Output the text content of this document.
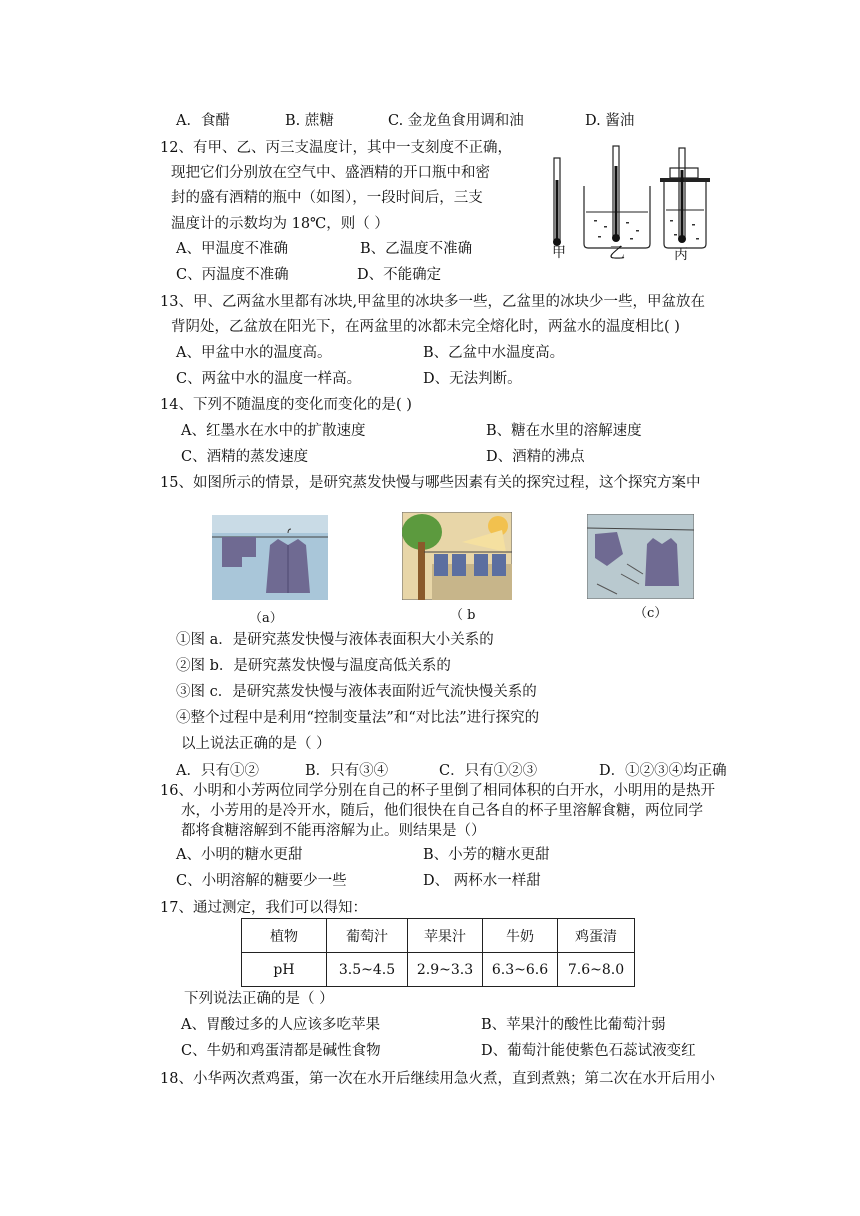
A．食醋	B. 蔗糖	C. 金龙鱼食用调和油	D. 酱油
12、有甲、乙、丙三支温度计，其中一支刻度不正确，
现把它们分别放在空气中、盛酒精的开口瓶中和密
封的盛有酒精的瓶中（如图），一段时间后，三支
温度计的示数均为 18℃，则（ ）
A、甲温度不准确	B、乙温度不准确
C、丙温度不准确	D、不能确定
甲	乙	丙
13、甲、乙两盆水里都有冰块,甲盆里的冰块多一些，乙盆里的冰块少一些，甲盆放在
背阴处，乙盆放在阳光下，在两盆里的冰都未完全熔化时，两盆水的温度相比( )
A、甲盆中水的温度高。	B、乙盆中水温度高。
C、两盆中水的温度一样高。	D、无法判断。
14、下列不随温度的变化而变化的是( )
A、红墨水在水中的扩散速度	B、糖在水里的溶解速度
C、酒精的蒸发速度	D、酒精的沸点
15、如图所示的情景，是研究蒸发快慢与哪些因素有关的探究过程，这个探究方案中
（a）	（ b	（c）
①图 a．是研究蒸发快慢与液体表面积大小关系的
②图 b．是研究蒸发快慢与温度高低关系的
③图 c．是研究蒸发快慢与液体表面附近气流快慢关系的
④整个过程中是利用“控制变量法”和“对比法”进行探究的
以上说法正确的是（ ）
A．只有①②	B．只有③④	C．只有①②③	D．①②③④均正确
16、小明和小芳两位同学分别在自己的杯子里倒了相同体积的白开水，小明用的是热开
水，小芳用的是冷开水，随后，他们很快在自己各自的杯子里溶解食糖，两位同学
都将食糖溶解到不能再溶解为止。则结果是（）
A、小明的糖水更甜	B、小芳的糖水更甜
C、小明溶解的糖要少一些	D、 两杯水一样甜
17、通过测定，我们可以得知：
植物	葡萄汁	苹果汁	牛奶	鸡蛋清
pH	3.5~4.5	2.9~3.3	6.3~6.6	7.6~8.0
下列说法正确的是（ ）
A、胃酸过多的人应该多吃苹果	B、苹果汁的酸性比葡萄汁弱
C、牛奶和鸡蛋清都是碱性食物	D、葡萄汁能使紫色石蕊试液变红
18、小华两次煮鸡蛋，第一次在水开后继续用急火煮，直到煮熟；第二次在水开后用小
